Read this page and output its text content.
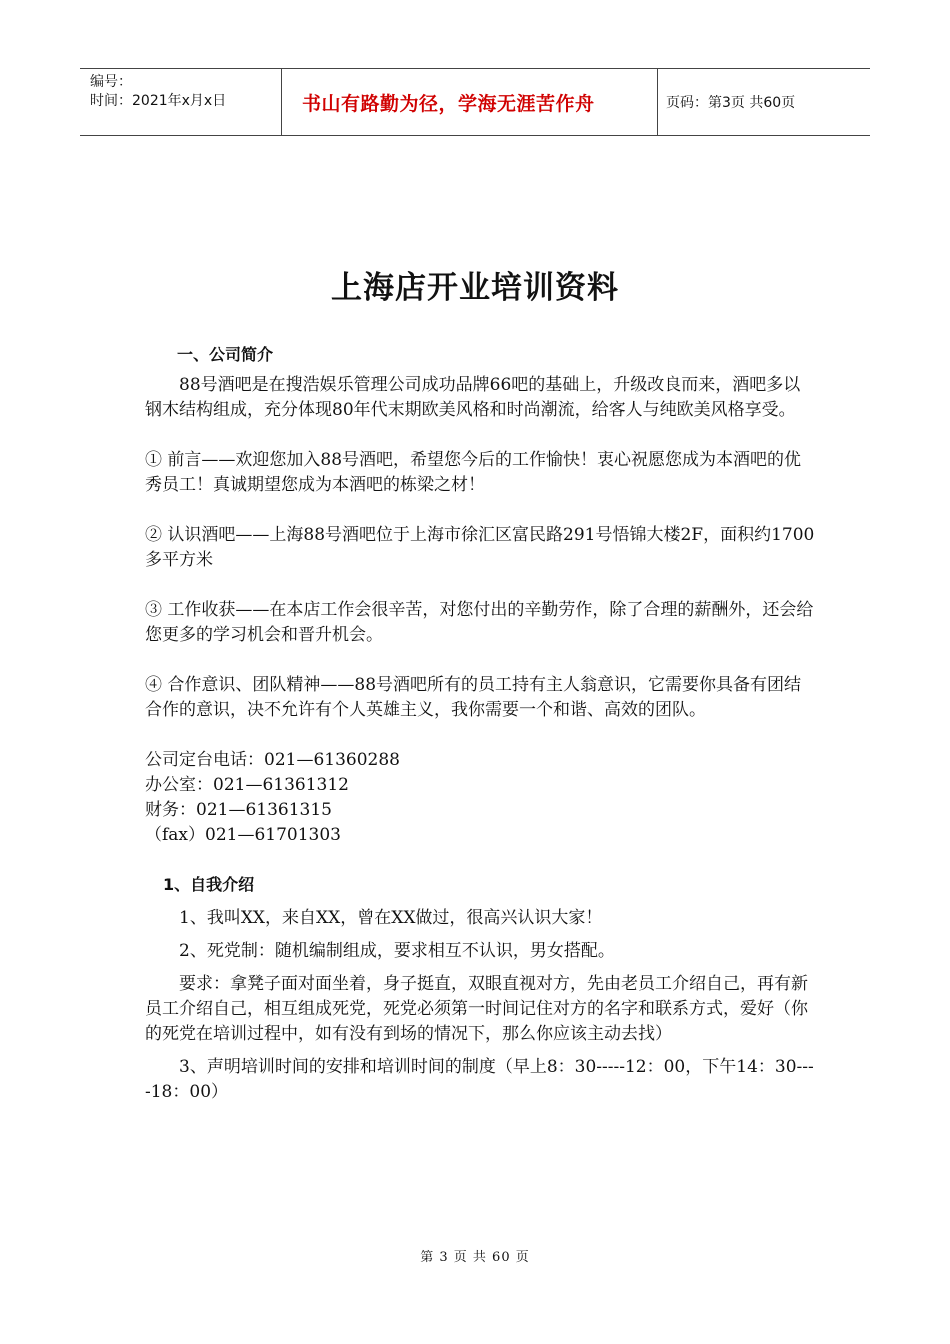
编号：
时间：2021年x月x日	书山有路勤为径，学海无涯苦作舟	页码：第3页 共60页
上海店开业培训资料
一、公司简介

88号酒吧是在搜浩娱乐管理公司成功品牌66吧的基础上，升级改良而来，酒吧多以钢木结构组成，充分体现80年代末期欧美风格和时尚潮流，给客人与纯欧美风格享受。

① 前言——欢迎您加入88号酒吧，希望您今后的工作愉快！衷心祝愿您成为本酒吧的优秀员工！真诚期望您成为本酒吧的栋梁之材！

② 认识酒吧——上海88号酒吧位于上海市徐汇区富民路291号悟锦大楼2F，面积约1700多平方米

③ 工作收获——在本店工作会很辛苦，对您付出的辛勤劳作，除了合理的薪酬外，还会给您更多的学习机会和晋升机会。

④ 合作意识、团队精神——88号酒吧所有的员工持有主人翁意识，它需要你具备有团结合作的意识，决不允许有个人英雄主义，我你需要一个和谐、高效的团队。

公司定台电话：021—61360288

办公室：021—61361312

财务：021—61361315

（fax）021—61701303

1、自我介绍

1、我叫XX，来自XX，曾在XX做过，很高兴认识大家！

2、死党制：随机编制组成，要求相互不认识，男女搭配。

要求：拿凳子面对面坐着，身子挺直，双眼直视对方，先由老员工介绍自己，再有新员工介绍自己，相互组成死党，死党必须第一时间记住对方的名字和联系方式，爱好（你的死党在培训过程中，如有没有到场的情况下，那么你应该主动去找）

3、声明培训时间的安排和培训时间的制度（早上8：30-----12：00，下午14：30----18：00）

第 3 页 共 60 页
